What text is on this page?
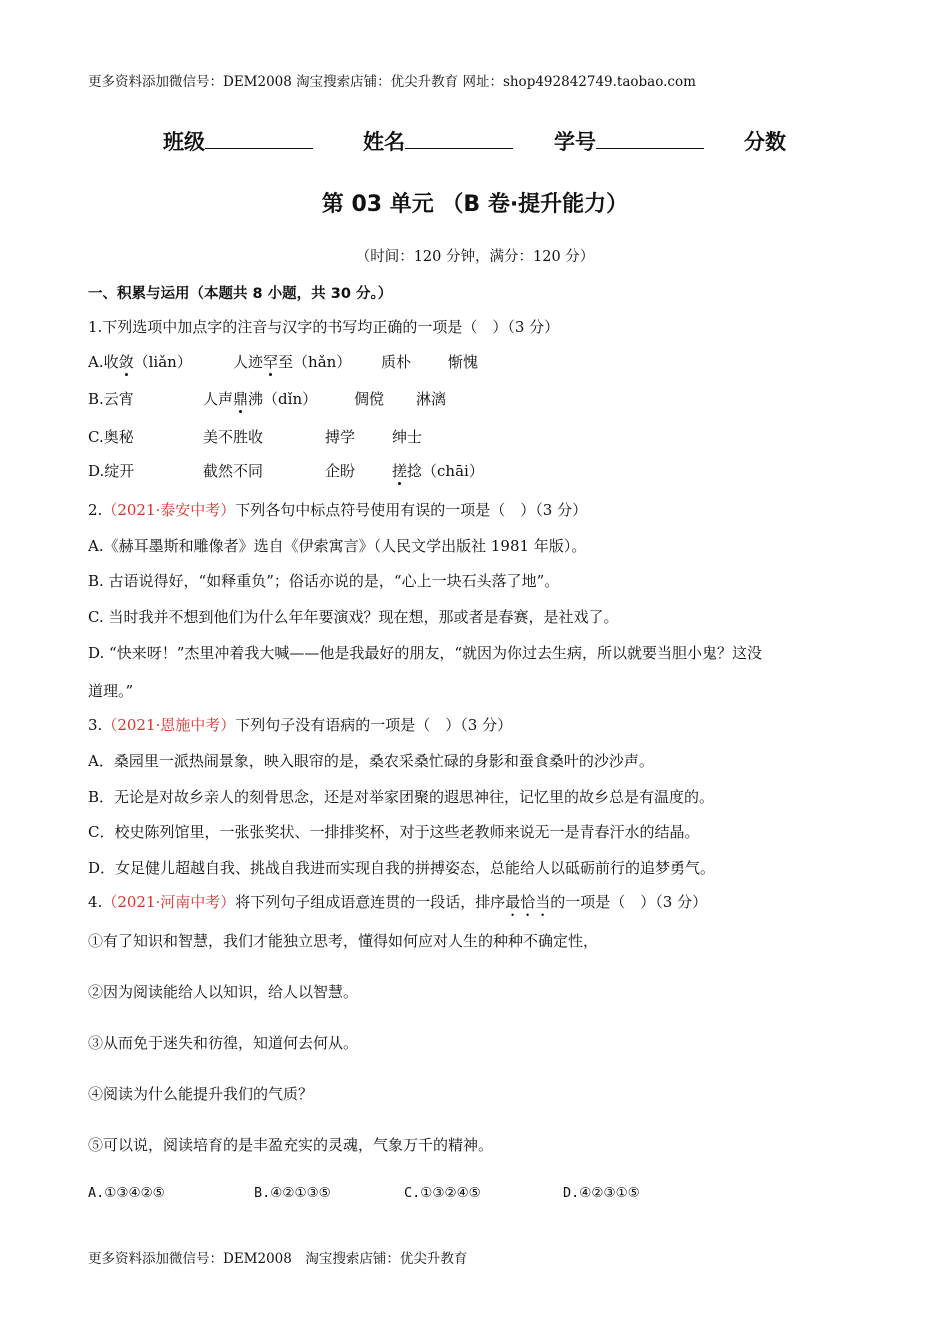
更多资料添加微信号：DEM2008 淘宝搜索店铺：优尖升教育 网址：shop492842749.taobao.com
班级	姓名	学号	分数
第 03 单元 （B 卷·提升能力）
（时间：120 分钟，满分：120 分）
一、积累与运用（本题共 8 小题，共 30 分。）
1.下列选项中加点字的注音与汉字的书写均正确的一项是（　）（3 分）
A.收敛（liǎn）	人迹罕至（hǎn） 质朴 惭愧
B.云宵	人声鼎沸（dǐn） 倜傥 淋漓
C.奥秘	美不胜收	搏学 绅士
D.绽开	截然不同	企盼 搓捻（chāi）
2.（2021·泰安中考）下列各句中标点符号使用有误的一项是（　）（3 分）
A.《赫耳墨斯和雕像者》选自《伊索寓言》（人民文学出版社 1981 年版）。
B. 古语说得好，“如释重负”；俗话亦说的是，“心上一块石头落了地”。
C. 当时我并不想到他们为什么年年要演戏？现在想，那或者是春赛，是社戏了。
D. “快来呀！”杰里冲着我大喊——他是我最好的朋友，“就因为你过去生病，所以就要当胆小鬼？这没
道理。”
3.（2021·恩施中考）下列句子没有语病的一项是（　）（3 分）
A．桑园里一派热闹景象，映入眼帘的是，桑农采桑忙碌的身影和蚕食桑叶的沙沙声。
B．无论是对故乡亲人的刻骨思念，还是对举家团聚的遐思神往，记忆里的故乡总是有温度的。
C．校史陈列馆里，一张张奖状、一排排奖杯，对于这些老教师来说无一是青春汗水的结晶。
D．女足健儿超越自我、挑战自我进而实现自我的拼搏姿态，总能给人以砥砺前行的追梦勇气。
4.（2021·河南中考）将下列句子组成语意连贯的一段话，排序最恰当的一项是（　）（3 分）
①有了知识和智慧，我们才能独立思考，懂得如何应对人生的种种不确定性，
②因为阅读能给人以知识，给人以智慧。
③从而免于迷失和彷徨，知道何去何从。
④阅读为什么能提升我们的气质？
⑤可以说，阅读培育的是丰盈充实的灵魂，气象万千的精神。
A.①③④②⑤	B.④②①③⑤	C.①③②④⑤	D.④②③①⑤
更多资料添加微信号：DEM2008　淘宝搜索店铺：优尖升教育
